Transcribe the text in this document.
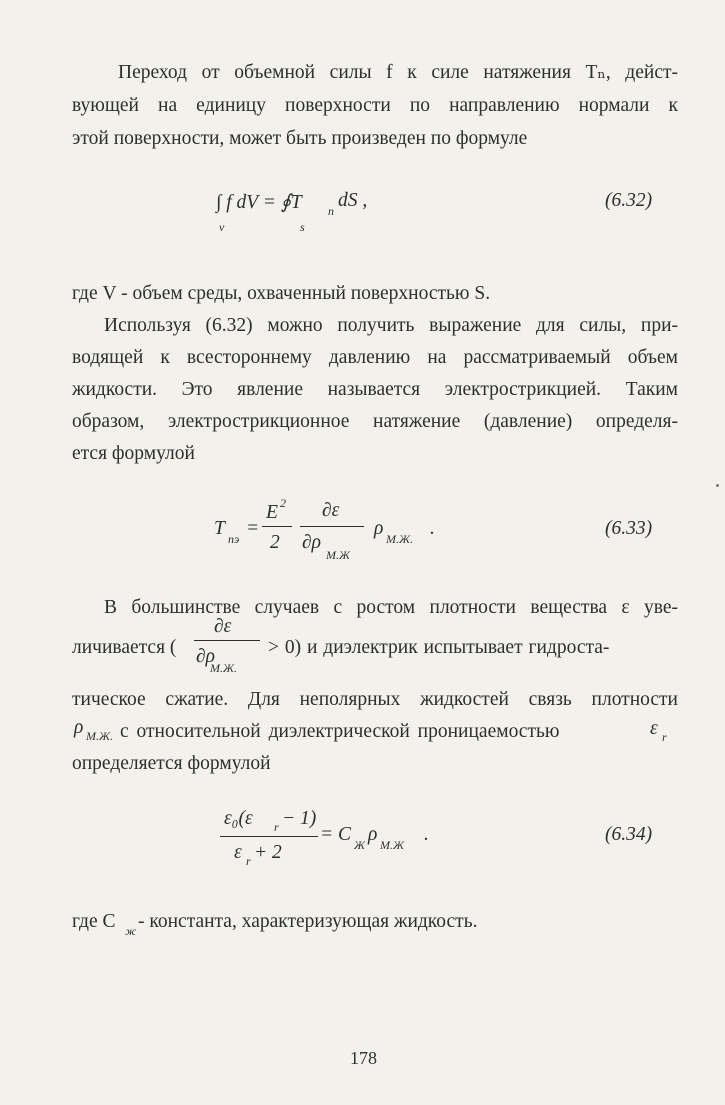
Переход от объемной силы f к силе натяжения Tₙ, дейст-
вующей на единицу поверхности по направлению нормали к
этой поверхности, может быть произведен по формуле
∫ f dV = ∮T n dS ,
v	s
(6.32)
где V - объем среды, охваченный поверхностью S.
Используя (6.32) можно получить выражение для силы, при-
водящей к всестороннему давлению на рассматриваемый объем
жидкости. Это явление называется электрострикцией. Таким
образом, электрострикционное натяжение (давление) определя-
ется формулой
T пэ =
E 2
2
∂ε
∂ρ
М.Ж
ρ М.Ж. .	(6.33)
В большинстве случаев с ростом плотности вещества ε уве-
личивается (
∂ε
∂ρ
М.Ж.
> 0) и диэлектрик испытывает гидроста-
тическое сжатие. Для неполярных жидкостей связь плотности
ρ М.Ж. с относительной диэлектрической проницаемостью	ε r
определяется формулой
ε₀(ε r − 1)
ε r + 2
= C Ж ρ М.Ж .	(6.34)
где C ж - константа, характеризующая жидкость.
178
